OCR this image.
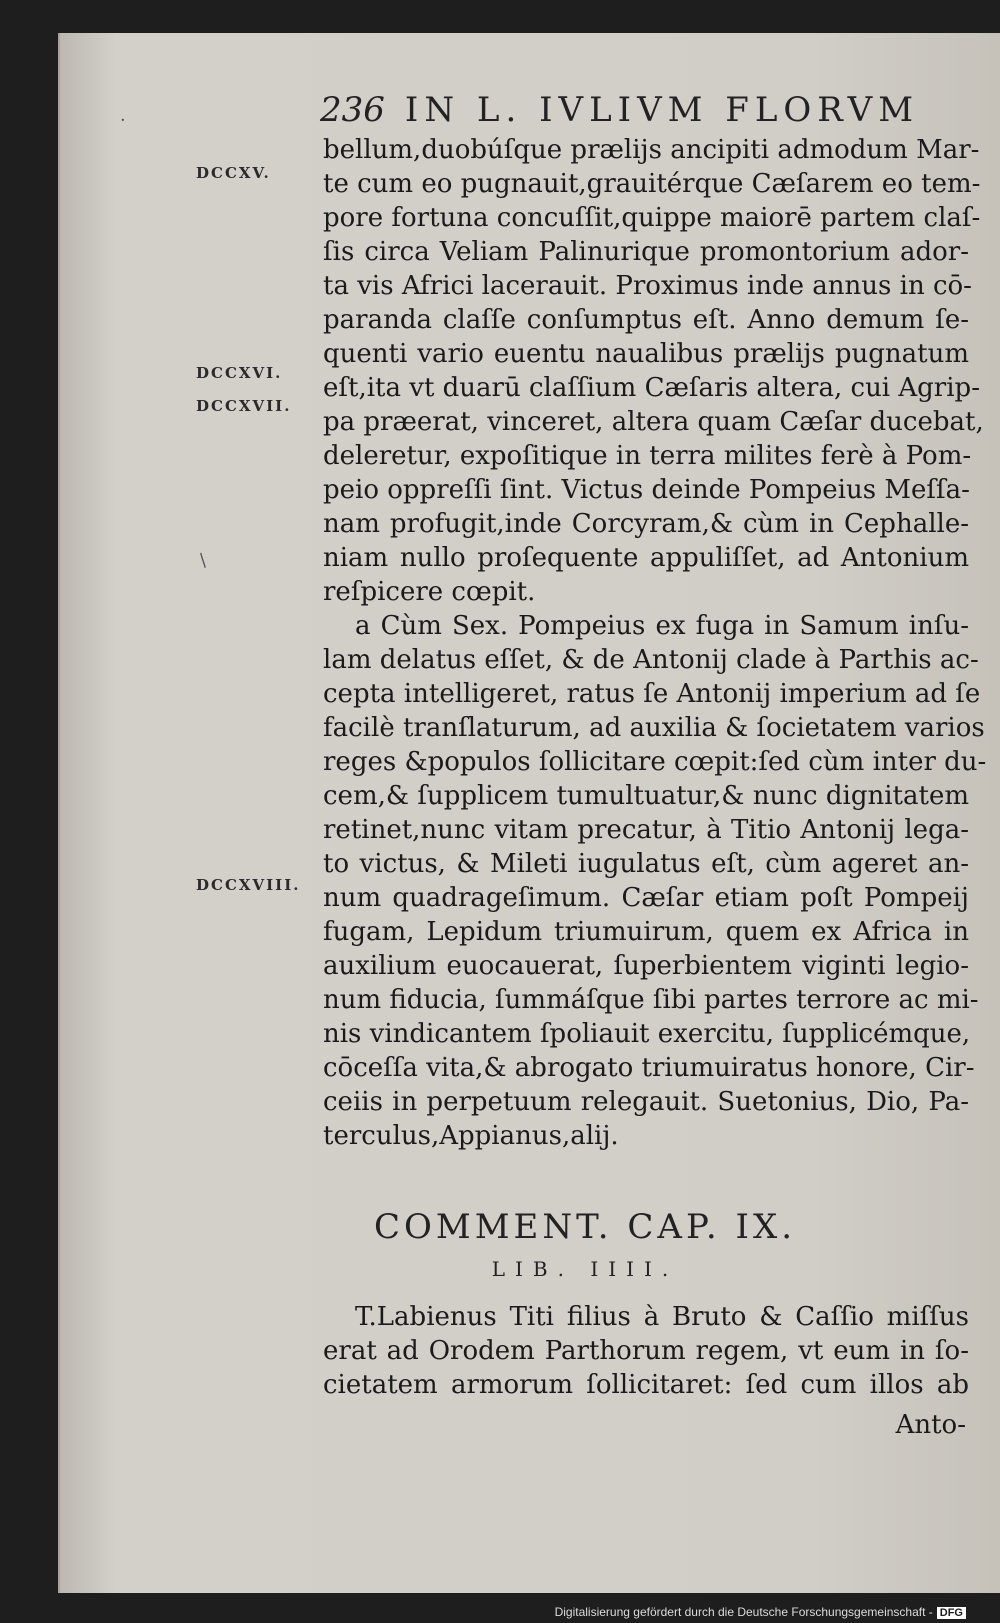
236 IN L. IVLIVM FLORVM
DCCXV.
DCCXVI.
DCCXVII.
DCCXVIII.
bellum,duobúſque prælijs ancipiti admodum Mar-
te cum eo pugnauit,grauitérque Cæſarem eo tem-
pore fortuna concuſſit,quippe maiorē partem claſ-
ſis circa Veliam Palinurique promontorium ador-
ta vis Africi lacerauit. Proximus inde annus in cō-
paranda claſſe conſumptus eſt. Anno demum ſe-
quenti vario euentu naualibus prælijs pugnatum
eſt,ita vt duarū claſſium Cæſaris altera, cui Agrip-
pa præerat, vinceret, altera quam Cæſar ducebat,
deleretur, expoſitique in terra milites ferè à Pom-
peio oppreſſi ſint. Victus deinde Pompeius Meſſa-
nam profugit,inde Corcyram,& cùm in Cephalle-
niam nullo proſequente appuliſſet, ad Antonium
reſpicere cœpit.
a Cùm Sex. Pompeius ex fuga in Samum inſu-
lam delatus eſſet, & de Antonij clade à Parthis ac-
cepta intelligeret, ratus ſe Antonij imperium ad ſe
facilè tranſlaturum, ad auxilia & ſocietatem varios
reges &populos ſollicitare cœpit:ſed cùm inter du-
cem,& ſupplicem tumultuatur,& nunc dignitatem
retinet,nunc vitam precatur, à Titio Antonij lega-
to victus, & Mileti iugulatus eſt, cùm ageret an-
num quadrageſimum. Cæſar etiam poſt Pompeij
fugam, Lepidum triumuirum, quem ex Africa in
auxilium euocauerat, ſuperbientem viginti legio-
num fiducia, ſummáſque ſibi partes terrore ac mi-
nis vindicantem ſpoliauit exercitu, ſupplicémque,
cōceſſa vita,& abrogato triumuiratus honore, Cir-
ceiis in perpetuum relegauit. Suetonius, Dio, Pa-
terculus,Appianus,alij.
COMMENT. CAP. IX.
LIB. IIII.
T.Labienus Titi filius à Bruto & Caſſio miſſus
erat ad Orodem Parthorum regem, vt eum in ſo-
cietatem armorum ſollicitaret: ſed cum illos ab
Anto-
/
·
Digitalisierung gefördert durch die Deutsche Forschungsgemeinschaft - DFG
